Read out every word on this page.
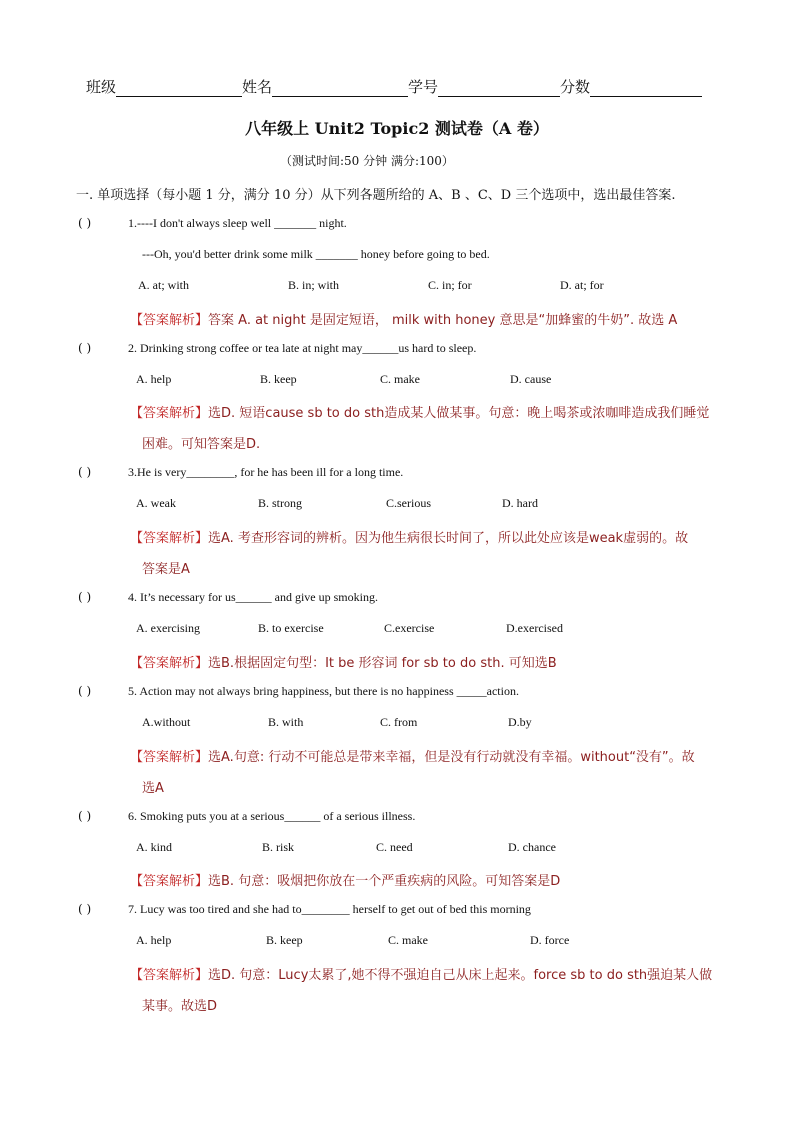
班级	姓名	学号	分数
八年级上 Unit2 Topic2 测试卷（A 卷）
（测试时间:50 分钟 满分:100）
一. 单项选择（每小题 1 分，满分 10 分）从下列各题所给的 A、B 、C、D 三个选项中，选出最佳答案.
( )	1.----I don't always sleep well _______ night.
---Oh, you'd better drink some milk _______ honey before going to bed.
A. at; with	B. in; with	C. in; for	D. at; for
【答案解析】答案 A. at night 是固定短语， milk with honey 意思是“加蜂蜜的牛奶”. 故选 A
( )	2. Drinking strong coffee or tea late at night may______us hard to sleep.
A. help	B. keep	C. make	D. cause
【答案解析】选D. 短语cause sb to do sth造成某人做某事。句意：晚上喝茶或浓咖啡造成我们睡觉
困难。可知答案是D.
( )	3.He is very________, for he has been ill for a long time.
A. weak	B. strong	C.serious	D. hard
【答案解析】选A. 考查形容词的辨析。因为他生病很长时间了，所以此处应该是weak虚弱的。故
答案是A
( )	4. It’s necessary for us______ and give up smoking.
A. exercising	B. to exercise	C.exercise	D.exercised
【答案解析】选B.根据固定句型：It be 形容词 for sb to do sth. 可知选B
( )	5. Action may not always bring happiness, but there is no happiness _____action.
A.without	B. with	C. from	D.by
【答案解析】选A.句意: 行动不可能总是带来幸福，但是没有行动就没有幸福。without“没有”。故
选A
( )	6. Smoking puts you at a serious______ of a serious illness.
A. kind	B. risk	C. need	D. chance
【答案解析】选B. 句意：吸烟把你放在一个严重疾病的风险。可知答案是D
( )	7. Lucy was too tired and she had to________ herself to get out of bed this morning
A. help	B. keep	C. make	D. force
【答案解析】选D. 句意：Lucy太累了,她不得不强迫自己从床上起来。force sb to do sth强迫某人做
某事。故选D
